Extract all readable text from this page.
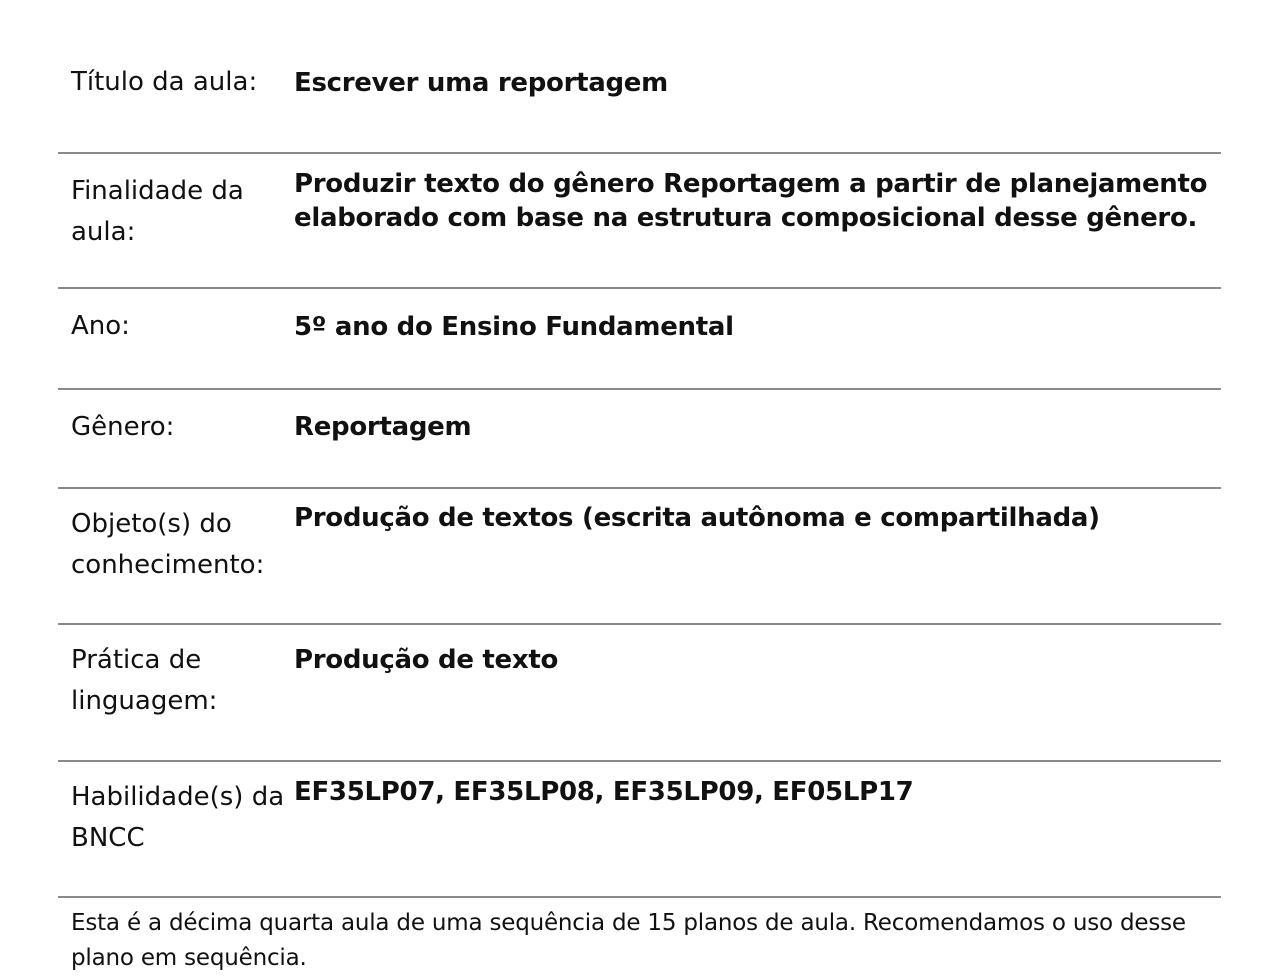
Título da aula:	Escrever uma reportagem
Finalidade da aula:	Produzir texto do gênero Reportagem a partir de planejamento elaborado com base na estrutura composicional desse gênero.
Ano:	5º ano do Ensino Fundamental
Gênero:	Reportagem
Objeto(s) do conhecimento:	Produção de textos (escrita autônoma e compartilhada)
Prática de linguagem:	Produção de texto
Habilidade(s) da BNCC	EF35LP07, EF35LP08, EF35LP09, EF05LP17
Esta é a décima quarta aula de uma sequência de 15 planos de aula. Recomendamos o uso desse plano em sequência.
